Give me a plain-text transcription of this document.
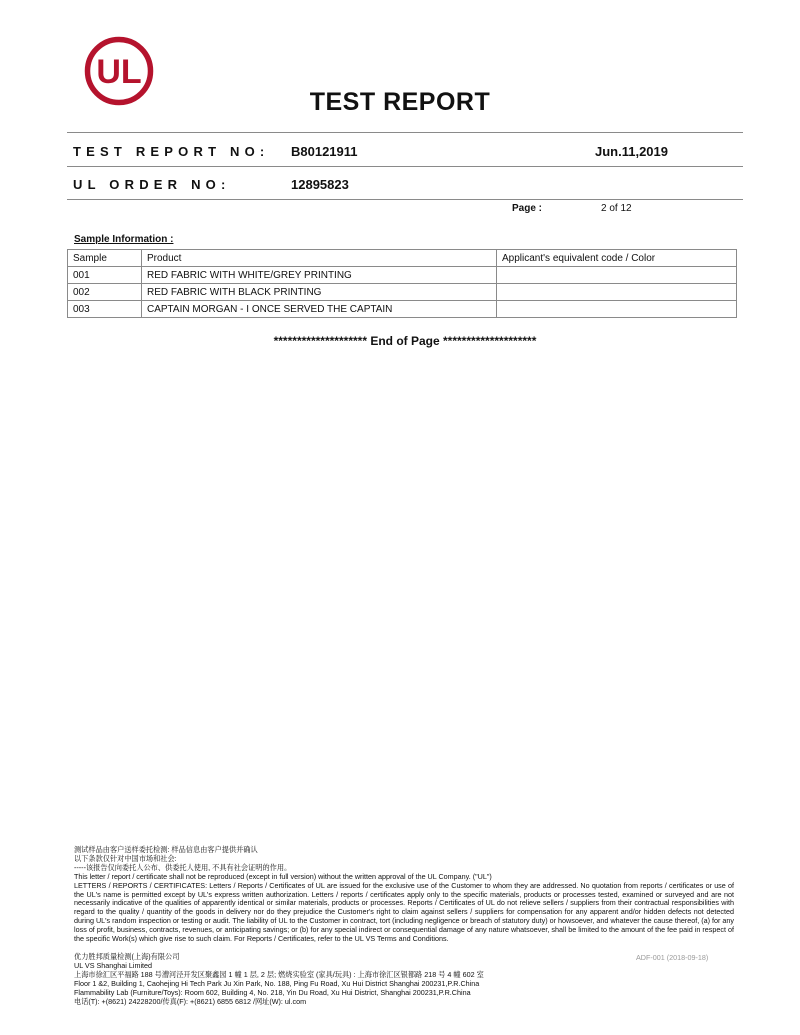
UL
TEST REPORT
TEST REPORT NO: B80121911	Jun.11,2019
UL ORDER NO:	12895823
Page :	2 of 12
Sample Information :
Sample	Product	Applicant's equivalent code / Color
001	RED FABRIC WITH WHITE/GREY PRINTING	
002	RED FABRIC WITH BLACK PRINTING	
003	CAPTAIN MORGAN - I ONCE SERVED THE CAPTAIN	
******************** End of Page ********************
测试样品由客户送样委托检测: 样品信息由客户提供并确认
以下条款仅针对中国市场和社会:
-----该报告仅向委托人公布、供委托人使用, 不具有社会证明的作用。
This letter / report / certificate shall not be reproduced (except in full version) without the written approval of the UL Company. ("UL")
LETTERS / REPORTS / CERTIFICATES: Letters / Reports / Certificates of UL are issued for the exclusive use of the Customer to whom they are addressed. No quotation from reports / certificates or use of the UL's name is permitted except by UL's express written authorization. Letters / reports / certificates apply only to the specific materials, products or processes tested, examined or surveyed and are not necessarily indicative of the qualities of apparently identical or similar materials, products or processes. Reports / Certificates of UL do not relieve sellers / suppliers from their contractual responsibilities with regard to the quality / quantity of the goods in delivery nor do they prejudice the Customer's right to claim against sellers / suppliers for compensation for any apparent and/or hidden defects not detected during UL's random inspection or testing or audit. The liability of UL to the Customer in contract, tort (including negligence or breach of statutory duty) or howsoever, and whatever the cause thereof, (a) for any loss of profit, business, contracts, revenues, or anticipating savings; or (b) for any special indirect or consequential damage of any nature whatsoever, shall be limited to the amount of the fee paid in respect of the specific Work(s) which give rise to such claim. For Reports / Certificates, refer to the UL VS Terms and Conditions.
优力胜邦质量检测(上海)有限公司
UL VS Shanghai Limited
上海市徐汇区平福路 188 号漕河泾开发区聚鑫园 1 幢 1 层, 2 层; 燃烧实验室 (家具/玩具) : 上海市徐汇区银都路 218 号 4 幢 602 室
Floor 1 &2, Building 1, Caohejing Hi Tech Park Ju Xin Park, No. 188, Ping Fu Road, Xu Hui District Shanghai 200231,P.R.China
Flammability Lab (Furniture/Toys): Room 602, Building 4, No. 218, Yin Du Road, Xu Hui District, Shanghai 200231,P.R.China
电话(T): +(8621) 24228200/传真(F): +(8621) 6855 6812 /网址(W): ul.com
ADF-001 (2018-09-18)
